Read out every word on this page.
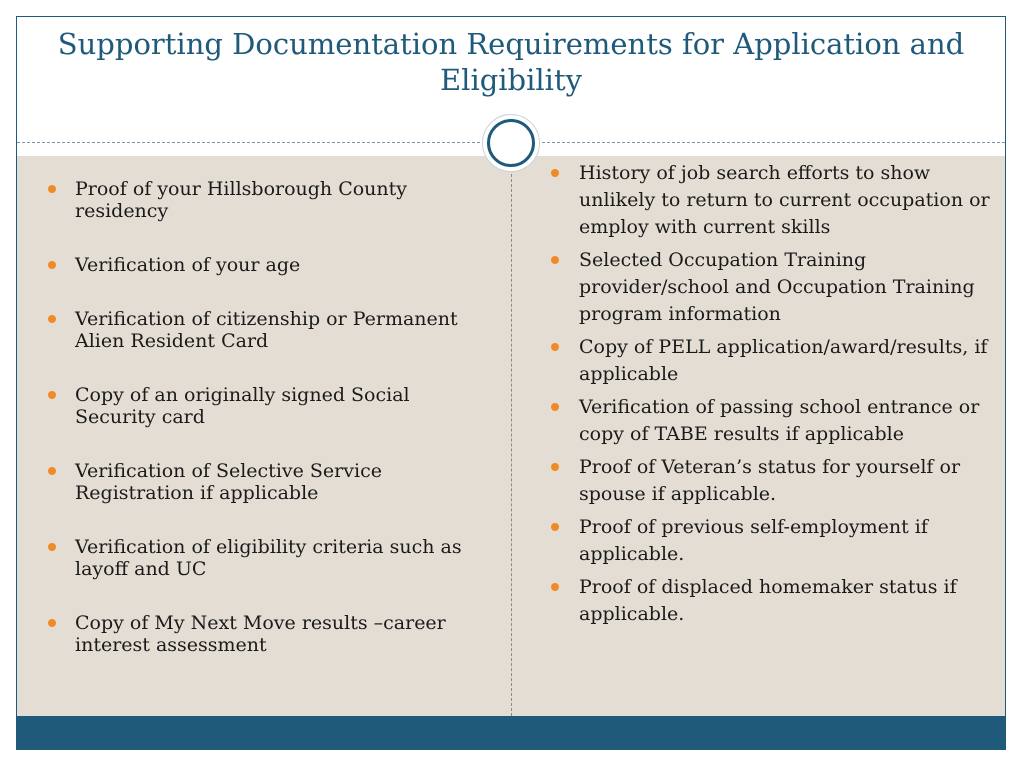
Supporting Documentation Requirements for Application and Eligibility
Proof of your Hillsborough County residency
Verification of your age
Verification of citizenship or Permanent Alien Resident Card
Copy of an originally signed Social Security card
Verification of Selective Service Registration if applicable
Verification of eligibility criteria such as layoff and UC
Copy of My Next Move results –career interest assessment
History of job search efforts to show unlikely to return to current occupation or employ with current skills
Selected Occupation Training provider/school and Occupation Training program information
Copy of PELL application/award/results, if applicable
Verification of passing school entrance or copy of TABE results if applicable
Proof of Veteran’s status for yourself or spouse if applicable.
Proof of previous self-employment if applicable.
Proof of displaced homemaker status if applicable.
